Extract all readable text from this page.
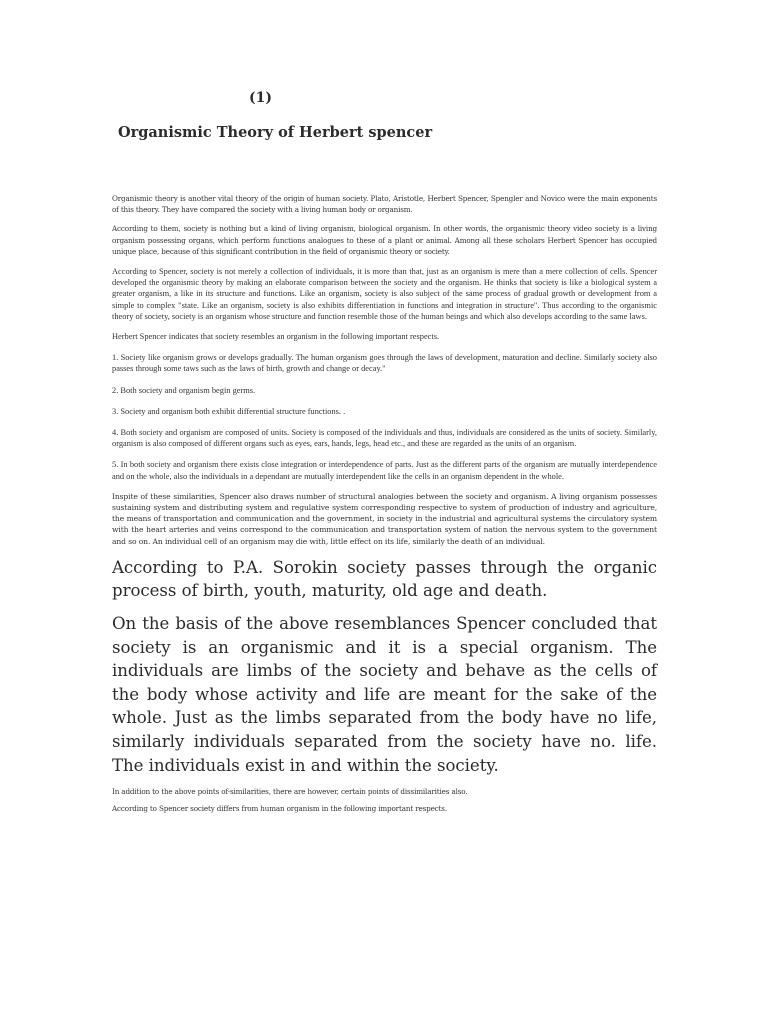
(1)
Organismic Theory of Herbert spencer

Organismic theory is another vital theory of the origin of human society. Plato, Aristotle, Herbert Spencer, Spengler and Novico were the main exponents of this theory. They have compared the society with a living human body or organism.

According to them, society is nothing but a kind of living organism, biological organism. In other words, the organismic theory video society is a living organism possessing organs, which perform functions analogues to these of a plant or animal. Among all these scholars Herbert Spencer has occupied unique place, because of this significant contribution in the field of organismic theory or society.

According to Spencer, society is not merely a collection of individuals, it is more than that, just as an organism is mere than a mere collection of cells. Spencer developed the organismic theory by making an elaborate comparison between the society and the organism. He thinks that society is like a biological system a greater organism, a like in its structure and functions. Like an organism, society is also subject of the same process of gradual growth or development from a simple to complex "state. Like an organism, society is also exhibits differentiation in functions and integration in structure". Thus according to the organismic theory of society, society is an organism whose structure and function resemble those of the human beings and which also develops according to the same laws.

Herbert Spencer indicates that society resembles an organism in the following important respects.

1. Society like organism grows or develops gradually. The human organism goes through the laws of development, maturation and decline. Similarly society also passes through some taws such as the laws of birth, growth and change or decay."

2. Both society and organism begin germs.

3. Society and organism both exhibit differential structure functions. .

4. Both society and organism are composed of units. Society is composed of the individuals and thus, individuals are considered as the units of society. Similarly, organism is also composed of different organs such as eyes, ears, hands, legs, head etc., and these are regarded as the units of an organism.

5. In both society and organism there exists close integration or interdependence of parts. Just as the different parts of the organism are mutually interdependence and on the whole, also the individuals in a dependant are mutually interdependent like the cells in an organism dependent in the whole.

Inspite of these similarities, Spencer also draws number of structural analogies between the society and organism. A living organism possesses sustaining system and distributing system and regulative system corresponding respective to system of production of industry and agriculture, the means of transportation and communication and the government, in society in the industrial and agricultural systems the circulatory system with the heart arteries and veins correspond to the communication and transportation system of nation the nervous system to the government and so on. An individual cell of an organism may die with, little effect on its life, similarly the death of an individual.

According to P.A. Sorokin society passes through the organic process of birth, youth, maturity, old age and death.

On the basis of the above resemblances Spencer concluded that society is an organismic and it is a special organism. The individuals are limbs of the society and behave as the cells of the body whose activity and life are meant for the sake of the whole. Just as the limbs separated from the body have no life, similarly individuals separated from the society have no. life. The individuals exist in and within the society.

In addition to the above points of-similarities, there are however, certain points of dissimilarities also.

According to Spencer society differs from human organism in the following important respects.
